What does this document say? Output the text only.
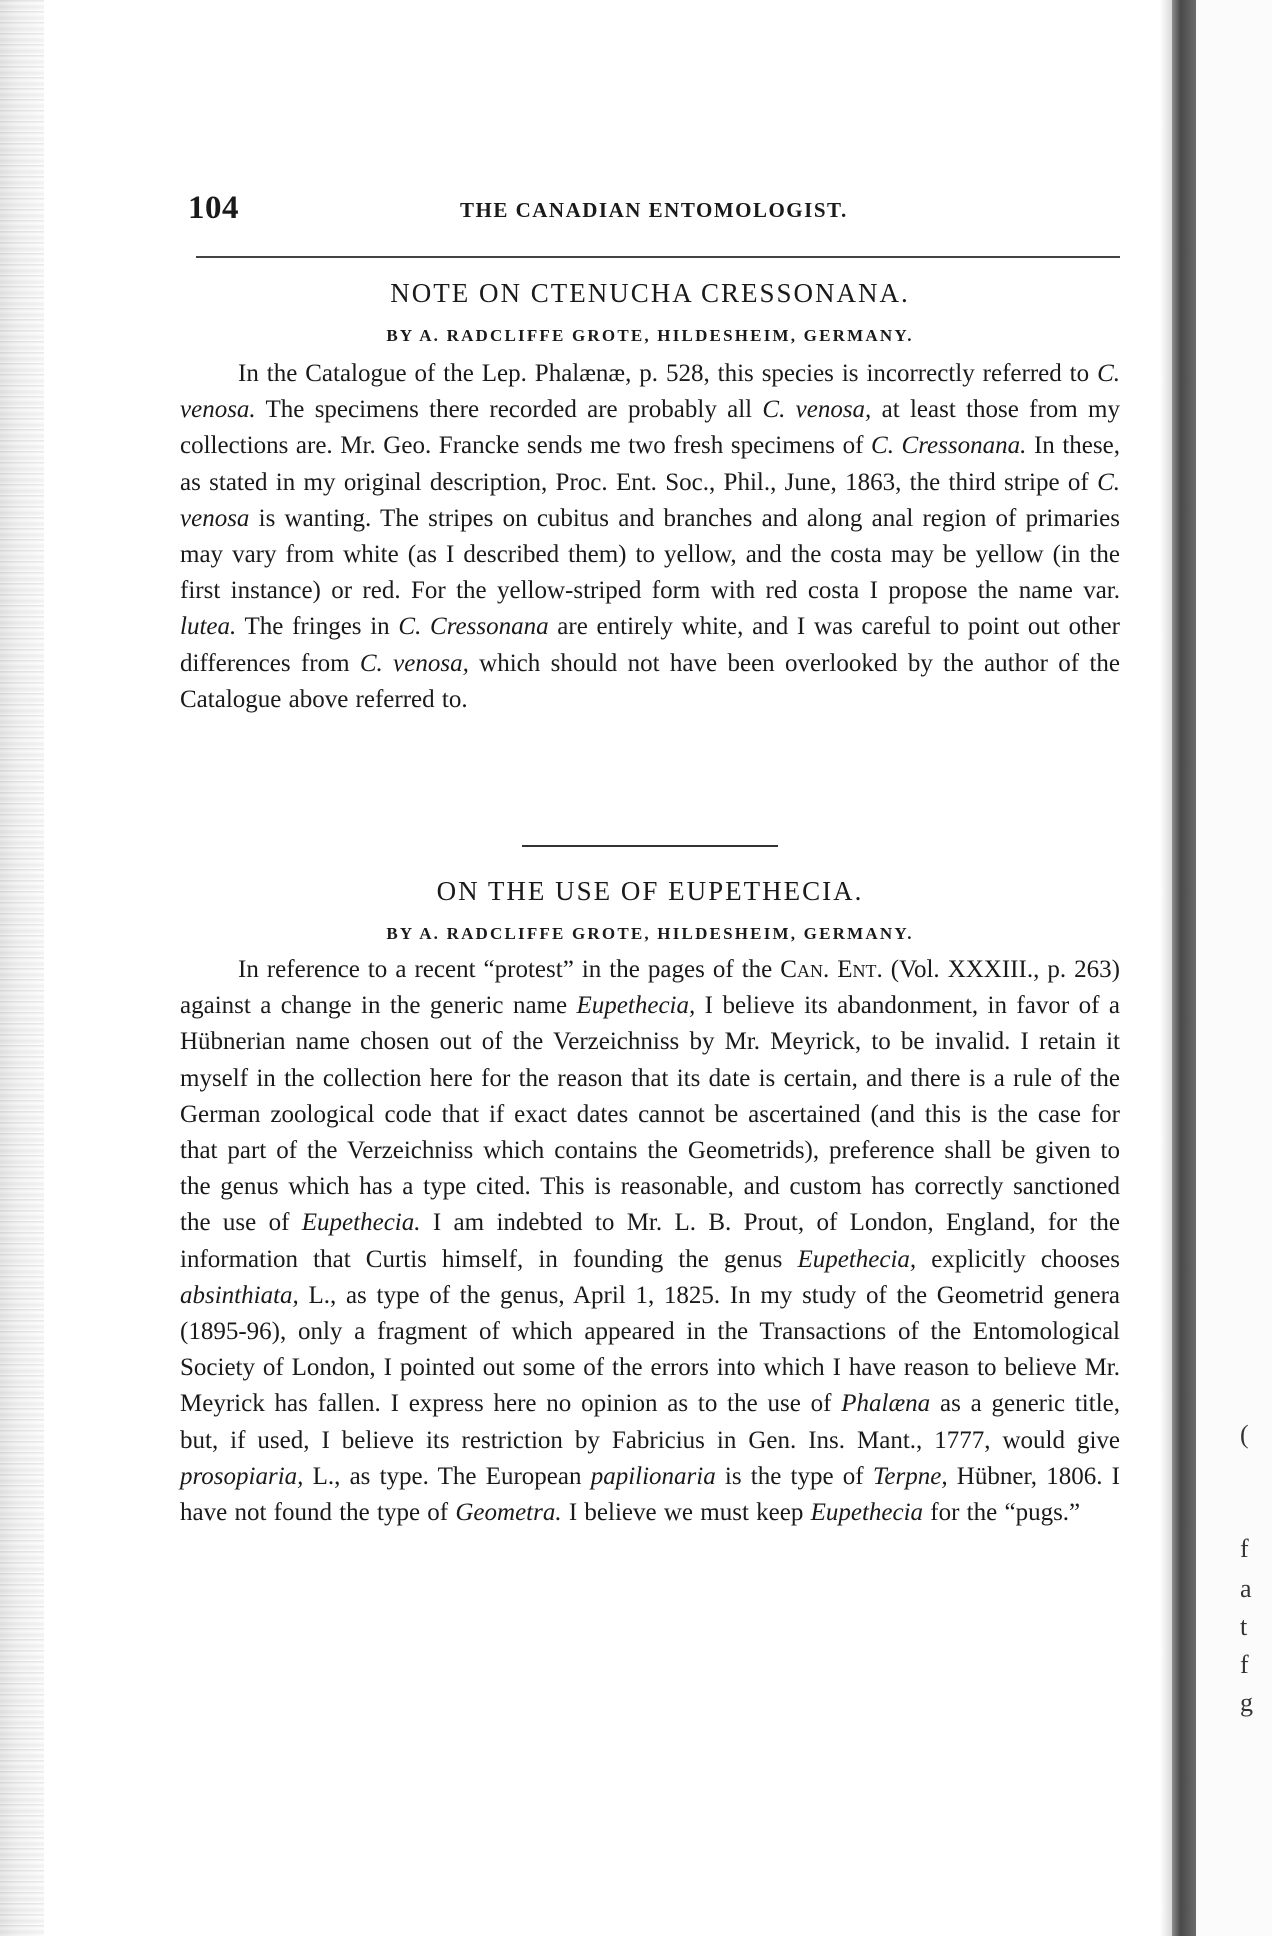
(
f
a
t
f
g
104	THE CANADIAN ENTOMOLOGIST.
NOTE ON CTENUCHA CRESSONANA.
BY A. RADCLIFFE GROTE, HILDESHEIM, GERMANY.

In the Catalogue of the Lep. Phalænæ, p. 528, this species is incorrectly referred to C. venosa. The specimens there recorded are probably all C. venosa, at least those from my collections are. Mr. Geo. Francke sends me two fresh specimens of C. Cressonana. In these, as stated in my original description, Proc. Ent. Soc., Phil., June, 1863, the third stripe of C. venosa is wanting. The stripes on cubitus and branches and along anal region of primaries may vary from white (as I described them) to yellow, and the costa may be yellow (in the first instance) or red. For the yellow-striped form with red costa I propose the name var. lutea. The fringes in C. Cressonana are entirely white, and I was careful to point out other differences from C. venosa, which should not have been overlooked by the author of the Catalogue above referred to.

ON THE USE OF EUPETHECIA.
BY A. RADCLIFFE GROTE, HILDESHEIM, GERMANY.

In reference to a recent “protest” in the pages of the Can. Ent. (Vol. XXXIII., p. 263) against a change in the generic name Eupethecia, I believe its abandonment, in favor of a Hübnerian name chosen out of the Verzeichniss by Mr. Meyrick, to be invalid. I retain it myself in the collection here for the reason that its date is certain, and there is a rule of the German zoological code that if exact dates cannot be ascertained (and this is the case for that part of the Verzeichniss which contains the Geometrids), preference shall be given to the genus which has a type cited. This is reasonable, and custom has correctly sanctioned the use of Eupethecia. I am indebted to Mr. L. B. Prout, of London, England, for the information that Curtis himself, in founding the genus Eupethecia, explicitly chooses absinthiata, L., as type of the genus, April 1, 1825. In my study of the Geometrid genera (1895-96), only a fragment of which appeared in the Transactions of the Entomological Society of London, I pointed out some of the errors into which I have reason to believe Mr. Meyrick has fallen. I express here no opinion as to the use of Phalæna as a generic title, but, if used, I believe its restriction by Fabricius in Gen. Ins. Mant., 1777, would give prosopiaria, L., as type. The European papilionaria is the type of Terpne, Hübner, 1806. I have not found the type of Geometra. I believe we must keep Eupethecia for the “pugs.”
